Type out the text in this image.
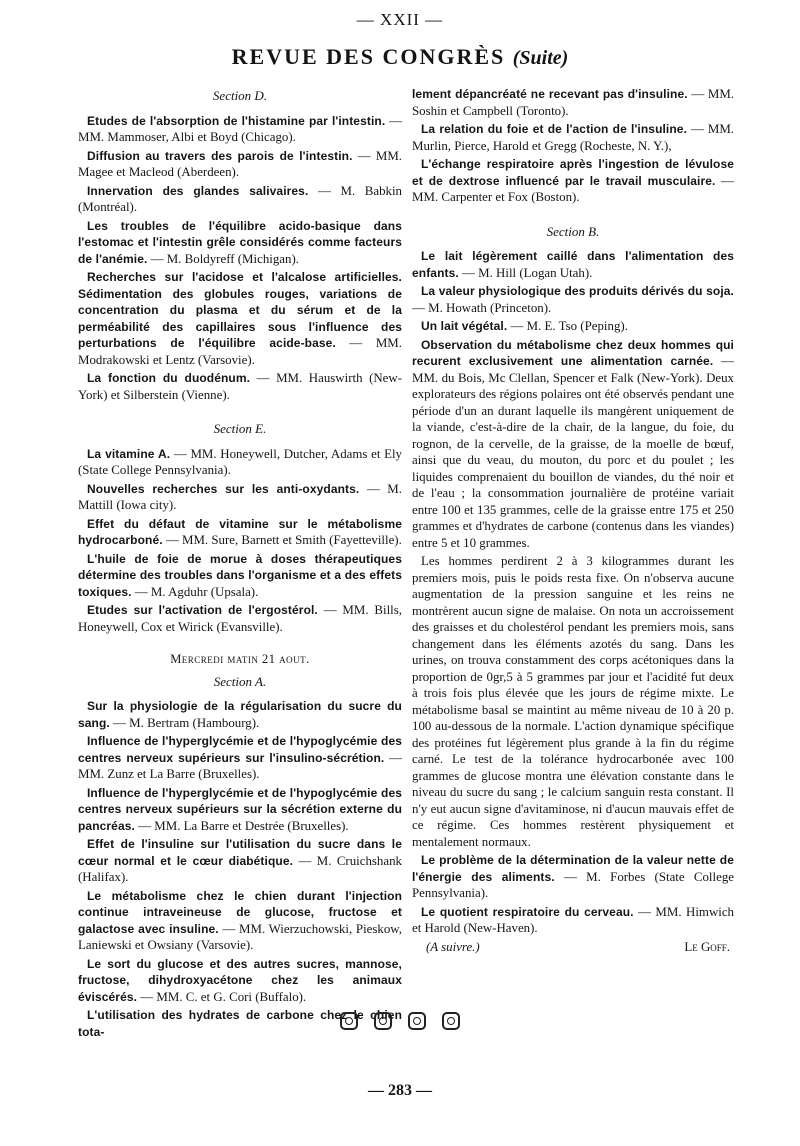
— XXII —
REVUE DES CONGRÈS (Suite)
Section D.

Etudes de l'absorption de l'histamine par l'intestin. — MM. Mammoser, Albi et Boyd (Chicago).

Diffusion au travers des parois de l'intestin. — MM. Magee et Macleod (Aberdeen).

Innervation des glandes salivaires. — M. Babkin (Montréal).

Les troubles de l'équilibre acido-basique dans l'estomac et l'intestin grêle considérés comme facteurs de l'anémie. — M. Boldyreff (Michigan).

Recherches sur l'acidose et l'alcalose artificielles. Sédimentation des globules rouges, variations de concentration du plasma et du sérum et de la perméabilité des capillaires sous l'influence des perturbations de l'équilibre acide-base. — MM. Modrakowski et Lentz (Varsovie).

La fonction du duodénum. — MM. Hauswirth (New-York) et Silberstein (Vienne).

Section E.

La vitamine A. — MM. Honeywell, Dutcher, Adams et Ely (State College Pennsylvania).

Nouvelles recherches sur les anti-oxydants. — M. Mattill (Iowa city).

Effet du défaut de vitamine sur le métabolisme hydrocarboné. — MM. Sure, Barnett et Smith (Fayetteville).

L'huile de foie de morue à doses thérapeutiques détermine des troubles dans l'organisme et a des effets toxiques. — M. Agduhr (Upsala).

Etudes sur l'activation de l'ergostérol. — MM. Bills, Honeywell, Cox et Wirick (Evansville).

Mercredi matin 21 aout.
Section A.

Sur la physiologie de la régularisation du sucre du sang. — M. Bertram (Hambourg).

Influence de l'hyperglycémie et de l'hypoglycémie des centres nerveux supérieurs sur l'insulino-sécrétion. — MM. Zunz et La Barre (Bruxelles).

Influence de l'hyperglycémie et de l'hypoglycémie des centres nerveux supérieurs sur la sécrétion externe du pancréas. — MM. La Barre et Destrée (Bruxelles).

Effet de l'insuline sur l'utilisation du sucre dans le cœur normal et le cœur diabétique. — M. Cruichshank (Halifax).

Le métabolisme chez le chien durant l'injection continue intraveineuse de glucose, fructose et galactose avec insuline. — MM. Wierzuchowski, Pieskow, Laniewski et Owsiany (Varsovie).

Le sort du glucose et des autres sucres, mannose, fructose, dihydroxyacétone chez les animaux éviscérés. — MM. C. et G. Cori (Buffalo).

L'utilisation des hydrates de carbone chez le chien tota-

lement dépancréaté ne recevant pas d'insuline. — MM. Soshin et Campbell (Toronto).

La relation du foie et de l'action de l'insuline. — MM. Murlin, Pierce, Harold et Gregg (Rocheste, N. Y.),

L'échange respiratoire après l'ingestion de lévulose et de dextrose influencé par le travail musculaire. — MM. Carpenter et Fox (Boston).

Section B.

Le lait légèrement caillé dans l'alimentation des enfants. — M. Hill (Logan Utah).

La valeur physiologique des produits dérivés du soja. — M. Howath (Princeton).

Un lait végétal. — M. E. Tso (Peping).

Observation du métabolisme chez deux hommes qui recurent exclusivement une alimentation carnée. — MM. du Bois, Mc Clellan, Spencer et Falk (New-York). Deux explorateurs des régions polaires ont été observés pendant une période d'un an durant laquelle ils mangèrent uniquement de la viande, c'est-à-dire de la chair, de la langue, du foie, du rognon, de la cervelle, de la graisse, de la moelle de bœuf, ainsi que du veau, du mouton, du porc et du poulet ; les liquides comprenaient du bouillon de viandes, du thé noir et de l'eau ; la consommation journalière de protéine variait entre 100 et 135 grammes, celle de la graisse entre 175 et 250 grammes et d'hydrates de carbone (contenus dans les viandes) entre 5 et 10 grammes.

Les hommes perdirent 2 à 3 kilogrammes durant les premiers mois, puis le poids resta fixe. On n'observa aucune augmentation de la pression sanguine et les reins ne montrèrent aucun signe de malaise. On nota un accroissement des graisses et du cholestérol pendant les premiers mois, sans changement dans les éléments azotés du sang. Dans les urines, on trouva constamment des corps acétoniques dans la proportion de 0gr,5 à 5 grammes par jour et l'acidité fut deux à trois fois plus élevée que les jours de régime mixte. Le métabolisme basal se maintint au même niveau de 10 à 20 p. 100 au-dessous de la normale. L'action dynamique spécifique des protéines fut légèrement plus grande à la fin du régime carné. Le test de la tolérance hydrocarbonée avec 100 grammes de glucose montra une élévation constante dans le niveau du sucre du sang ; le calcium sanguin resta constant. Il n'y eut aucun signe d'avitaminose, ni d'aucun mauvais effet de ce régime. Ces hommes restèrent physiquement et mentalement normaux.

Le problème de la détermination de la valeur nette de l'énergie des aliments. — M. Forbes (State College Pennsylvania).

Le quotient respiratoire du cerveau. — MM. Himwich et Harold (New-Haven).

(A suivre.)	Le Goff.
— 283 —
